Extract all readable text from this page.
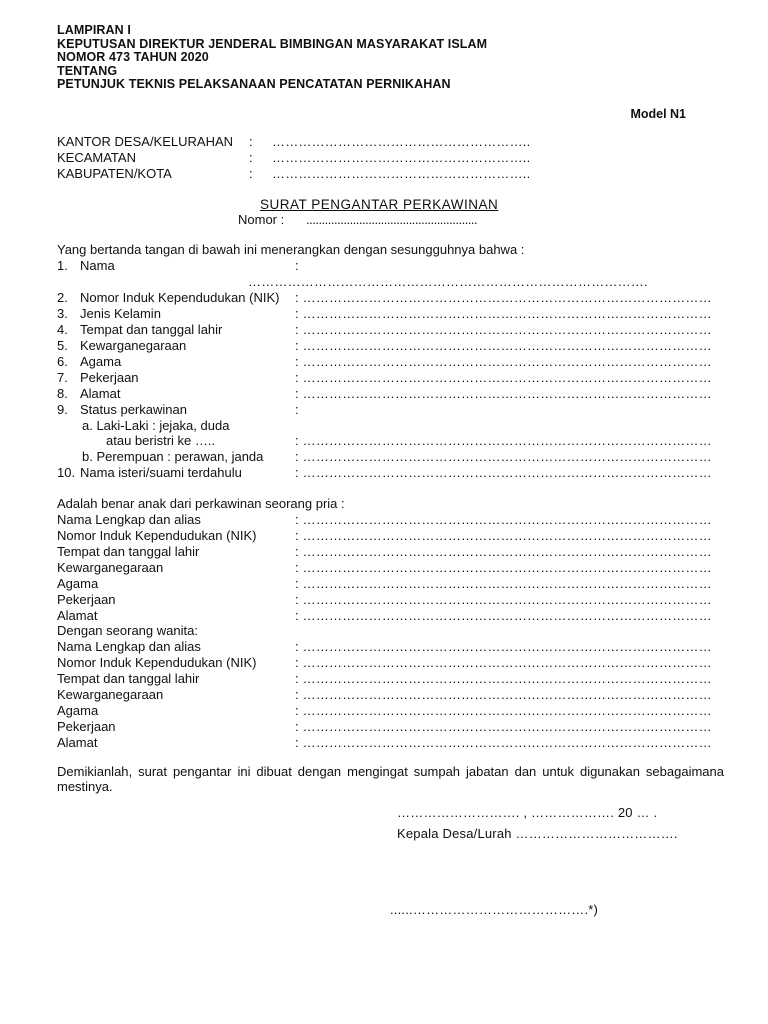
LAMPIRAN I
KEPUTUSAN DIREKTUR JENDERAL BIMBINGAN MASYARAKAT ISLAM
NOMOR 473 TAHUN 2020
TENTANG
PETUNJUK TEKNIS PELAKSANAAN PENCATATAN PERNIKAHAN
Model N1
KANTOR DESA/KELURAHAN : …………………………………………………..
KECAMATAN	: …………………………………………………..
KABUPATEN/KOTA	: …………………………………………………..
SURAT PENGANTAR PERKAWINAN
Nomor : .......................................................
Yang bertanda tangan di bawah ini menerangkan dengan sesungguhnya bahwa :
1. Nama	:
……………………………………………………………………………….
2. Nomor Induk Kependudukan (NIK) : …………………………………………………………………………………
3. Jenis Kelamin	: …………………………………………………………………………………
4. Tempat dan tanggal lahir	: …………………………………………………………………………………
5. Kewarganegaraan	: …………………………………………………………………………………
6. Agama	: …………………………………………………………………………………
7. Pekerjaan	: …………………………………………………………………………………
8. Alamat	: …………………………………………………………………………………
9. Status perkawinan	:
a. Laki-Laki : jejaka, duda
atau beristri ke …..	: …………………………………………………………………………………
b. Perempuan : perawan, janda : …………………………………………………………………………………
10. Nama isteri/suami terdahulu	: …………………………………………………………………………………
Adalah benar anak dari perkawinan seorang pria :
Nama Lengkap dan alias	: …………………………………………………………………………………
Nomor Induk Kependudukan (NIK)	: …………………………………………………………………………………
Tempat dan tanggal lahir	: …………………………………………………………………………………
Kewarganegaraan	: …………………………………………………………………………………
Agama	: …………………………………………………………………………………
Pekerjaan	: …………………………………………………………………………………
Alamat	: …………………………………………………………………………………
Dengan seorang wanita:
Nama Lengkap dan alias	: …………………………………………………………………………………
Nomor Induk Kependudukan (NIK)	: …………………………………………………………………………………
Tempat dan tanggal lahir	: …………………………………………………………………………………
Kewarganegaraan	: …………………………………………………………………………………
Agama	: …………………………………………………………………………………
Pekerjaan	: …………………………………………………………………………………
Alamat	: …………………………………………………………………………………
Demikianlah, surat pengantar ini dibuat dengan mengingat sumpah jabatan dan untuk digunakan sebagaimana mestinya.
………………………. , ………………. 20 … .
Kepala Desa/Lurah ……………………………….
......………………………………….*)
